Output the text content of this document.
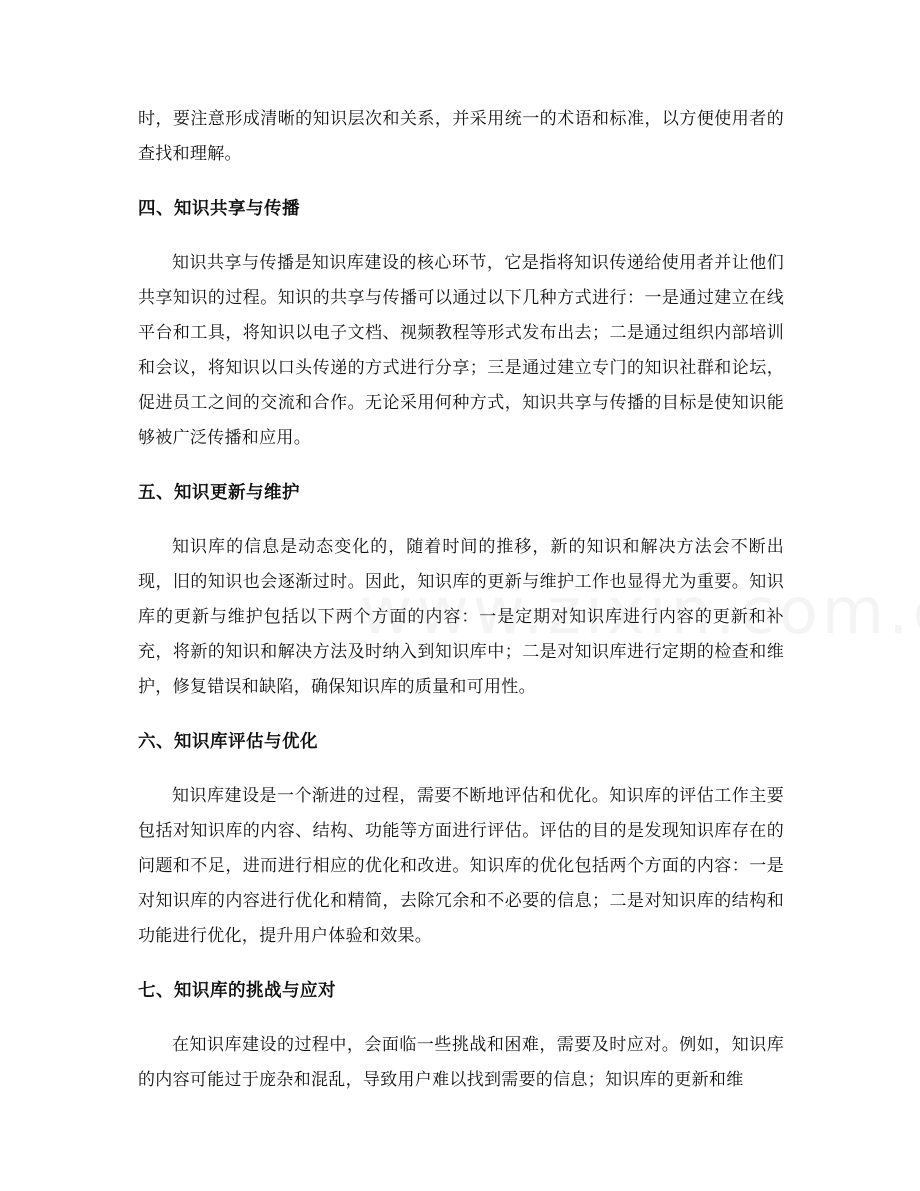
时，要注意形成清晰的知识层次和关系，并采用统一的术语和标准，以方便使用者的查找和理解。

四、知识共享与传播

知识共享与传播是知识库建设的核心环节，它是指将知识传递给使用者并让他们共享知识的过程。知识的共享与传播可以通过以下几种方式进行：一是通过建立在线平台和工具，将知识以电子文档、视频教程等形式发布出去；二是通过组织内部培训和会议，将知识以口头传递的方式进行分享；三是通过建立专门的知识社群和论坛，促进员工之间的交流和合作。无论采用何种方式，知识共享与传播的目标是使知识能够被广泛传播和应用。

五、知识更新与维护

知识库的信息是动态变化的，随着时间的推移，新的知识和解决方法会不断出现，旧的知识也会逐渐过时。因此，知识库的更新与维护工作也显得尤为重要。知识库的更新与维护包括以下两个方面的内容：一是定期对知识库进行内容的更新和补充，将新的知识和解决方法及时纳入到知识库中；二是对知识库进行定期的检查和维护，修复错误和缺陷，确保知识库的质量和可用性。

六、知识库评估与优化

知识库建设是一个渐进的过程，需要不断地评估和优化。知识库的评估工作主要包括对知识库的内容、结构、功能等方面进行评估。评估的目的是发现知识库存在的问题和不足，进而进行相应的优化和改进。知识库的优化包括两个方面的内容：一是对知识库的内容进行优化和精简，去除冗余和不必要的信息；二是对知识库的结构和功能进行优化，提升用户体验和效果。

七、知识库的挑战与应对

在知识库建设的过程中，会面临一些挑战和困难，需要及时应对。例如，知识库的内容可能过于庞杂和混乱，导致用户难以找到需要的信息；知识库的更新和维
